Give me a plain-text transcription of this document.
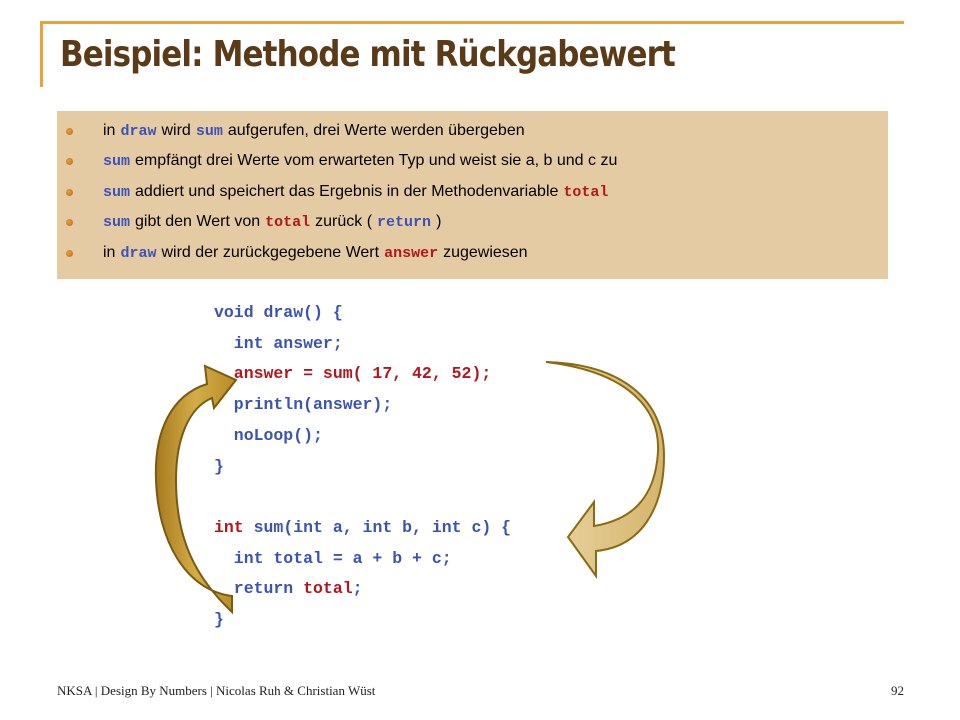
Beispiel: Methode mit Rückgabewert
in draw wird sum aufgerufen, drei Werte werden übergeben
sum empfängt drei Werte vom erwarteten Typ und weist sie a, b und c zu
sum addiert und speichert das Ergebnis in der Methodenvariable total
sum gibt den Wert von total zurück ( return )
in draw wird der zurückgegebene Wert answer zugewiesen
void draw() {
int answer;
answer = sum( 17, 42, 52);
println(answer);
noLoop();
}
int sum(int a, int b, int c) {
int total = a + b + c;
return total;
}
NKSA | Design By Numbers | Nicolas Ruh & Christian Wüst	92
